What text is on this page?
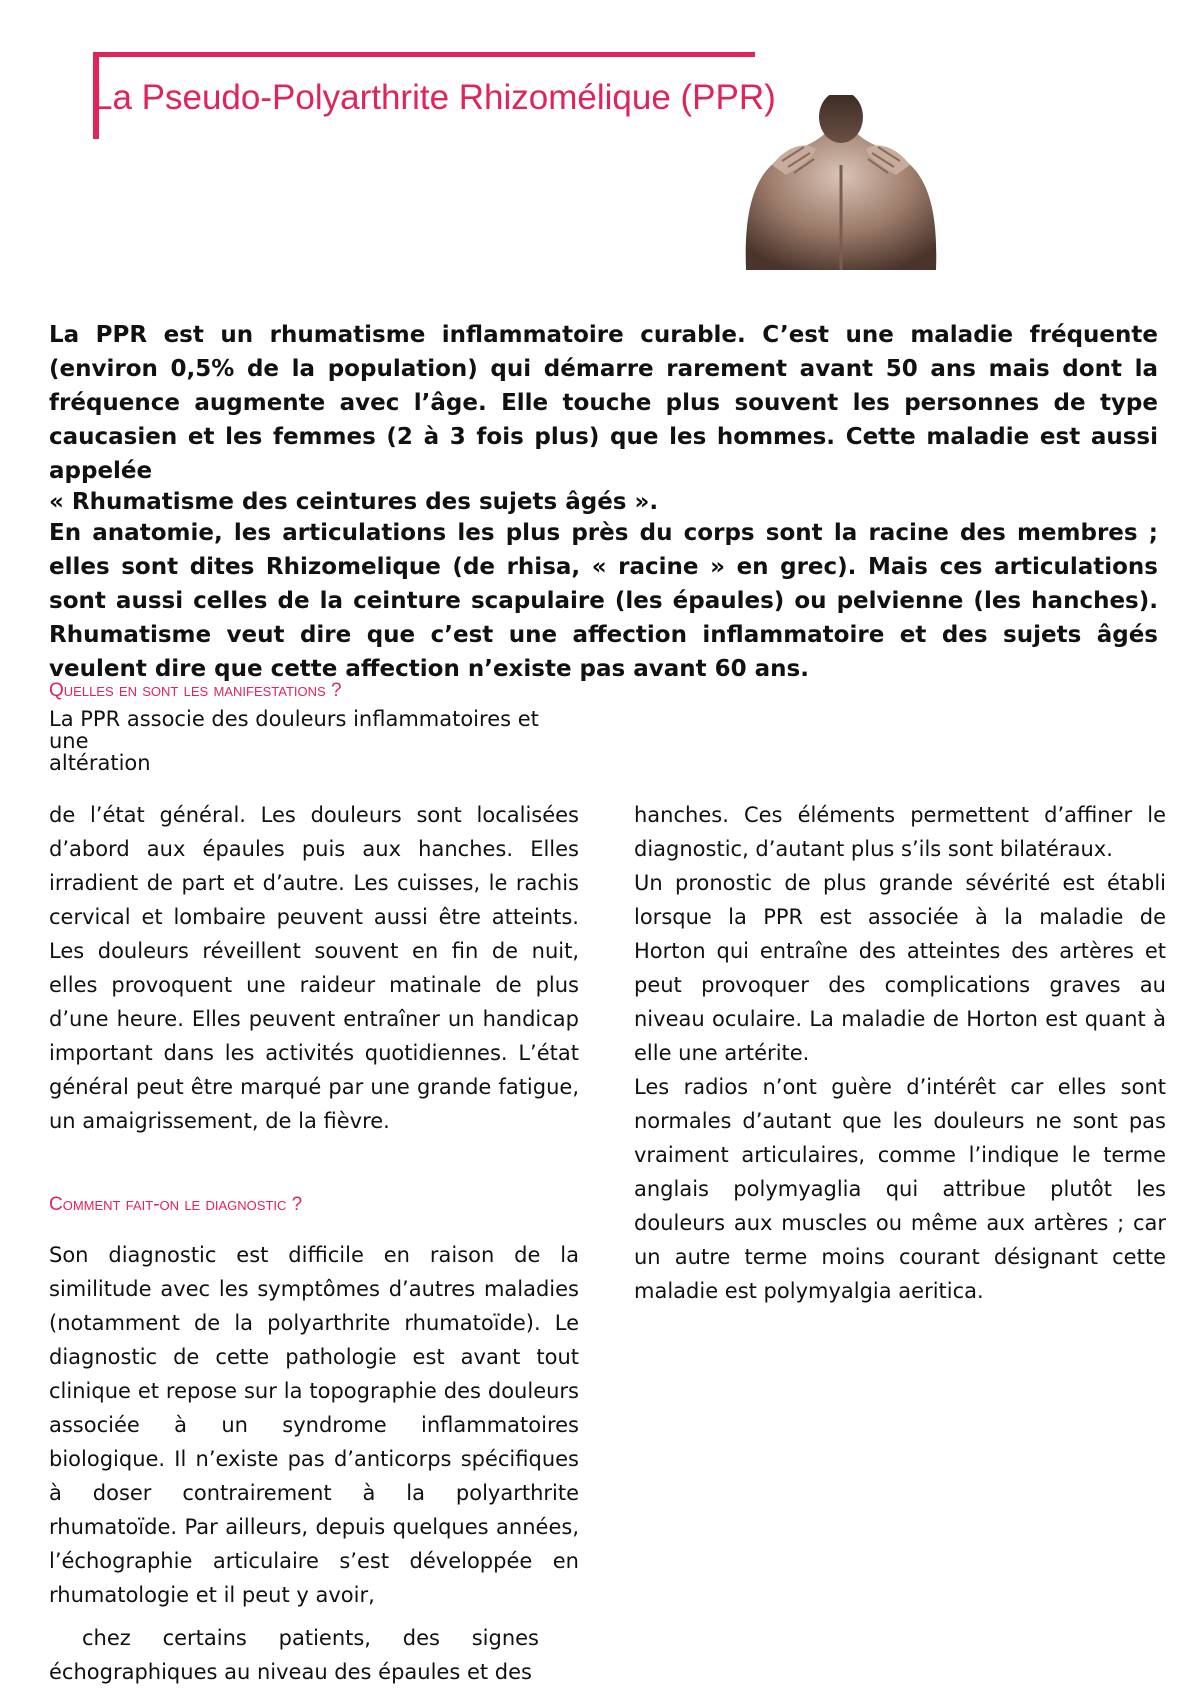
La Pseudo-Polyarthrite Rhizomélique (PPR)

La PPR est un rhumatisme inflammatoire curable. C’est une maladie fréquente (environ 0,5% de la population) qui démarre rarement avant 50 ans mais dont la fréquence augmente avec l’âge. Elle touche plus souvent les personnes de type caucasien et les femmes (2 à 3 fois plus) que les hommes. Cette maladie est aussi appelée

« Rhumatisme des ceintures des sujets âgés ».

En anatomie, les articulations les plus près du corps sont la racine des membres ; elles sont dites Rhizomelique (de rhisa, « racine » en grec). Mais ces articulations sont aussi celles de la ceinture scapulaire (les épaules) ou pelvienne (les hanches). Rhumatisme veut dire que c’est une affection inflammatoire et des sujets âgés veulent dire que cette affection n’existe pas avant 60 ans.

Quelles en sont les manifestations ?
La PPR associe des douleurs inflammatoires et
une
altération

de l’état général. Les douleurs sont localisées d’abord aux épaules puis aux hanches. Elles irradient de part et d’autre. Les cuisses, le rachis cervical et lombaire peuvent aussi être atteints. Les douleurs réveillent souvent en fin de nuit, elles provoquent une raideur matinale de plus d’une heure. Elles peuvent entraîner un handicap important dans les activités quotidiennes. L’état général peut être marqué par une grande fatigue, un amaigrissement, de la fièvre.

Comment fait-on le diagnostic ?

Son diagnostic est difficile en raison de la similitude avec les symptômes d’autres maladies (notamment de la polyarthrite rhumatoïde). Le diagnostic de cette pathologie est avant tout clinique et repose sur la topographie des douleurs associée à un syndrome inflammatoires biologique. Il n’existe pas d’anticorps spécifiques à doser contrairement à la polyarthrite rhumatoïde. Par ailleurs, depuis quelques années, l’échographie articulaire s’est développée en rhumatologie et il peut y avoir,

chez certains patients, des signes échographiques au niveau des épaules et des

hanches. Ces éléments permettent d’affiner le diagnostic, d’autant plus s’ils sont bilatéraux.

Un pronostic de plus grande sévérité est établi lorsque la PPR est associée à la maladie de Horton qui entraîne des atteintes des artères et peut provoquer des complications graves au niveau oculaire. La maladie de Horton est quant à elle une artérite.

Les radios n’ont guère d’intérêt car elles sont normales d’autant que les douleurs ne sont pas vraiment articulaires, comme l’indique le terme anglais polymyaglia qui attribue plutôt les douleurs aux muscles ou même aux artères ; car un autre terme moins courant désignant cette maladie est polymyalgia aeritica.
